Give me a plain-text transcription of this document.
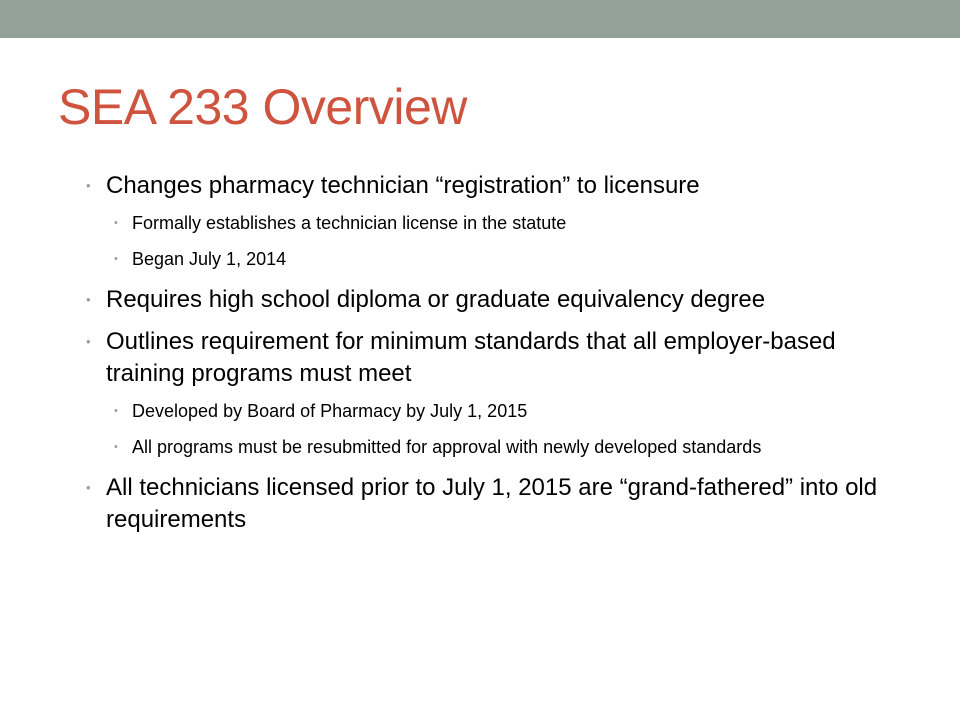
SEA 233 Overview
• Changes pharmacy technician “registration” to licensure
• Formally establishes a technician license in the statute
• Began July 1, 2014
• Requires high school diploma or graduate equivalency degree
• Outlines requirement for minimum standards that all employer-based training programs must meet
• Developed by Board of Pharmacy by July 1, 2015
• All programs must be resubmitted for approval with newly developed standards
• All technicians licensed prior to July 1, 2015 are “grand-fathered” into old requirements
